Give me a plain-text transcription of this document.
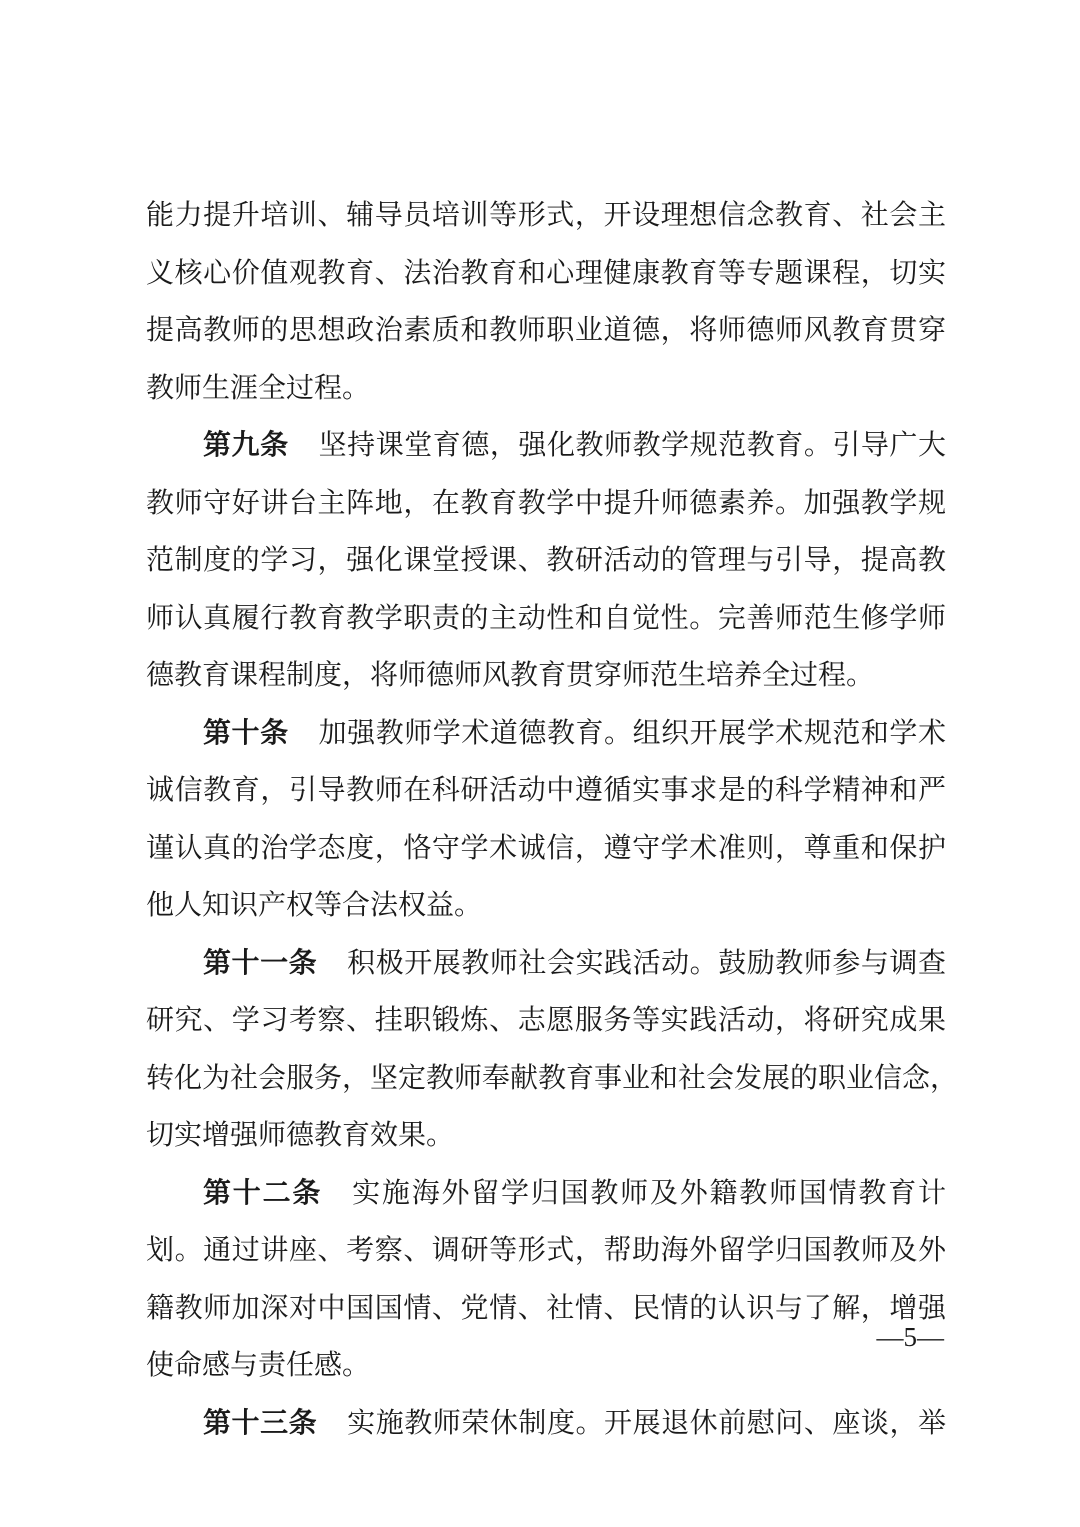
能力提升培训、辅导员培训等形式，开设理想信念教育、社会主
义核心价值观教育、法治教育和心理健康教育等专题课程，切实
提高教师的思想政治素质和教师职业道德，将师德师风教育贯穿
教师生涯全过程。
第九条 坚持课堂育德，强化教师教学规范教育。引导广大
教师守好讲台主阵地，在教育教学中提升师德素养。加强教学规
范制度的学习，强化课堂授课、教研活动的管理与引导，提高教
师认真履行教育教学职责的主动性和自觉性。完善师范生修学师
德教育课程制度，将师德师风教育贯穿师范生培养全过程。
第十条 加强教师学术道德教育。组织开展学术规范和学术
诚信教育，引导教师在科研活动中遵循实事求是的科学精神和严
谨认真的治学态度，恪守学术诚信，遵守学术准则，尊重和保护
他人知识产权等合法权益。
第十一条 积极开展教师社会实践活动。鼓励教师参与调查
研究、学习考察、挂职锻炼、志愿服务等实践活动，将研究成果
转化为社会服务，坚定教师奉献教育事业和社会发展的职业信念，
切实增强师德教育效果。
第十二条 实施海外留学归国教师及外籍教师国情教育计
划。通过讲座、考察、调研等形式，帮助海外留学归国教师及外
籍教师加深对中国国情、党情、社情、民情的认识与了解，增强
使命感与责任感。
第十三条 实施教师荣休制度。开展退休前慰问、座谈，举
—5—
